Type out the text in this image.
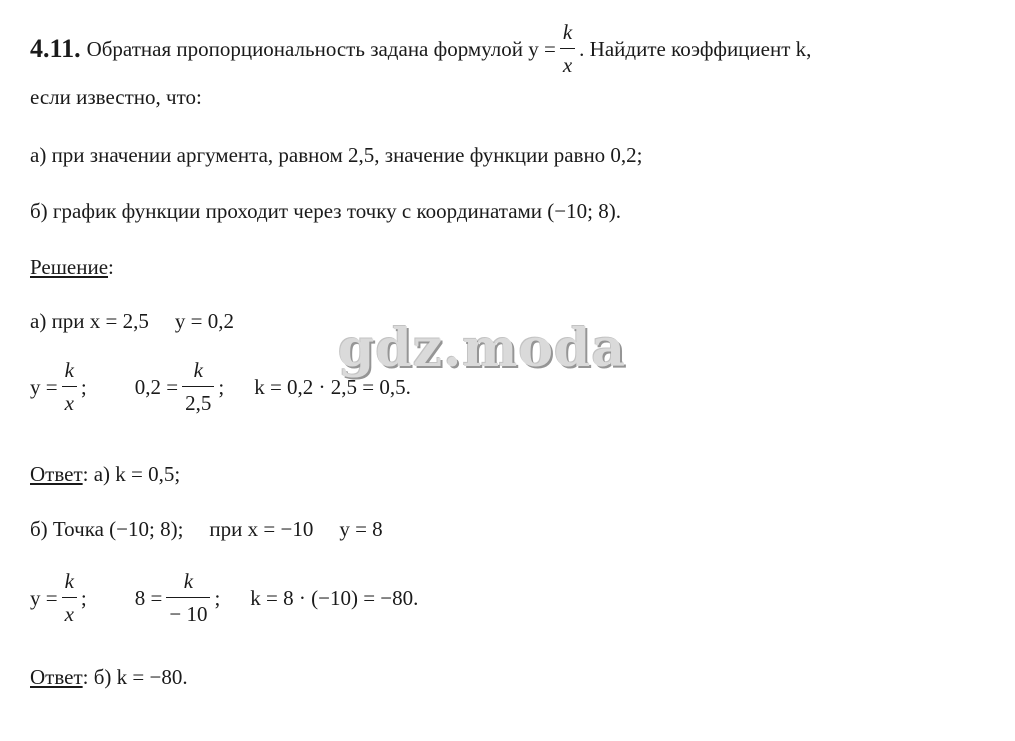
4.11. Обратная пропорциональность задана формулой $y = \frac{k}{x}$ . Найдите коэффициент k,
если известно, что:
а) при значении аргумента, равном 2,5, значение функции равно 0,2;
б) график функции проходит через точку с координатами (−10; 8).
Решение :
а) при x = 2,5 y = 0,2
$y = \frac{k}{x}$ ; $0,2 = \frac{k}{2,5}$ ; k = 0,2 · 2,5 = 0,5.
Ответ : а) k = 0,5;
б) Точка (−10; 8); при x = −10 y = 8
$y = \frac{k}{x}$ ; $8 = \frac{k}{- 10}$ ; k = 8 · (−10) = −80.
Ответ : б) k = −80.
gdz.moda
